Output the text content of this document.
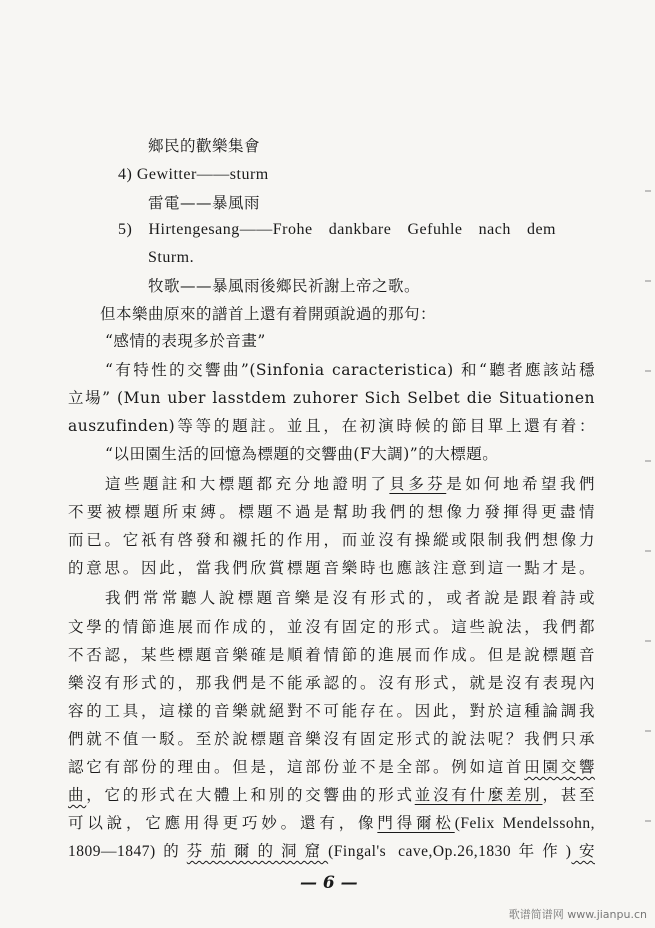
鄉民的歡樂集會
4) Gewitter——sturm
雷電——暴風雨
5) Hirtengesang——Frohe dankbare Gefuhle nach dem
Sturm.
牧歌——暴風雨後鄉民祈謝上帝之歌。
但本樂曲原來的譜首上還有着開頭說過的那句：
“感情的表現多於音畫”
“有特性的交響曲”(Sinfonia caracteristica) 和“聽者應該站穩
立場” (Mun uber lasstdem zuhorer Sich Selbet die Situationen
auszufinden)等等的題註。並且，在初演時候的節目單上還有着：
“以田園生活的回憶為標題的交響曲(F大調)”的大標題。
這些題註和大標題都充分地證明了貝多芬是如何地希望我們
不要被標題所束縛。標題不過是幫助我們的想像力發揮得更盡情
而已。它祇有啓發和襯托的作用，而並沒有操縱或限制我們想像力
的意思。因此，當我們欣賞標題音樂時也應該注意到這一點才是。
我們常常聽人說標題音樂是沒有形式的，或者說是跟着詩或
文學的情節進展而作成的，並沒有固定的形式。這些說法，我們都
不否認，某些標題音樂確是順着情節的進展而作成。但是說標題音
樂沒有形式的，那我們是不能承認的。沒有形式，就是沒有表現內
容的工具，這樣的音樂就絕對不可能存在。因此，對於這種論調我
們就不值一駁。至於說標題音樂沒有固定形式的說法呢？我們只承
認它有部份的理由。但是，這部份並不是全部。例如這首田園交響
曲，它的形式在大體上和別的交響曲的形式並沒有什麼差別，甚至
可以說，它應用得更巧妙。還有，像門得爾松(Felix Mendelssohn,
1809—1847)的芬茄爾的洞窟(Fingal's cave,Op.26,1830年作)安
— 6 —
歌谱简谱网 www.jianpu.cn
